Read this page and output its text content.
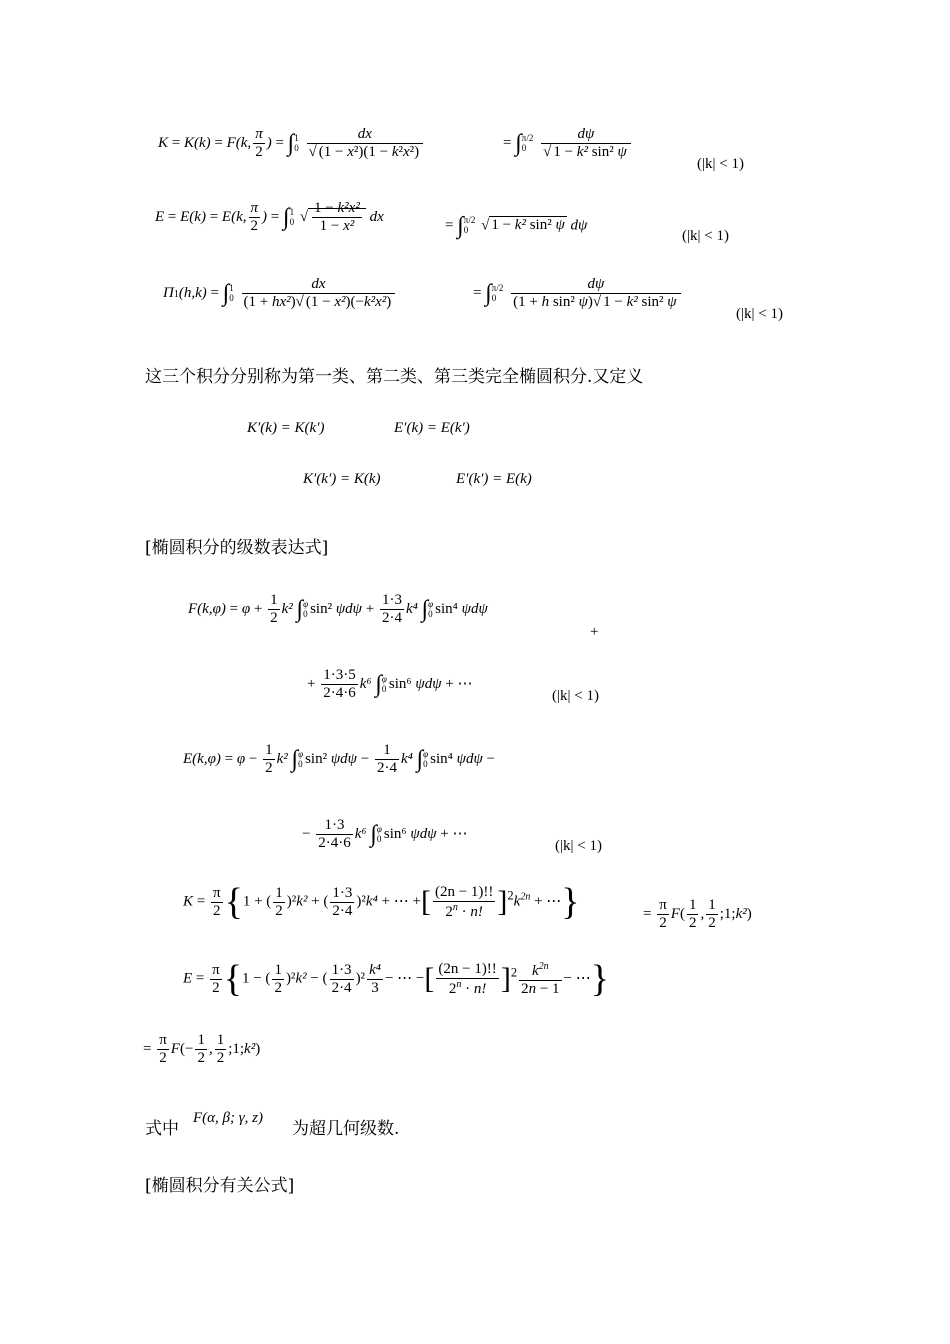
K = K(k) = F(k, $\frac{\pi}{2}$ ) = ∫1
$0 \frac{dx}{\text{√ (1 − x²)(1 − k²x²)}}$	= ∫π/2
$0 \frac{d\psi}{\text{√ 1 − k² sin² ψ}}$
(|k| < 1)
E = E(k) = E(k, $\frac{\pi}{2}$ ) = ∫1
0 √ $\frac{\text{1 − k²x²}}{\text{1 − x²}}$ dx
= ∫π/2
0 √ 1 − k² sin² ψ dψ
(|k| < 1)
Π1(h,k) = ∫1
$0 \frac{dx}{\text{(1 + hx²)√ (1 − x²)(−k²x²)}}$	= ∫π/2
$0 \frac{d\psi}{\text{(1 + h sin² ψ)√ 1 − k² sin² ψ}}$
(|k| < 1)
这三个积分分别称为第一类、第二类、第三类完全椭圆积分.又定义
K′(k) = K(k′)	E′(k) = E(k′)
K′(k′) = K(k)	E′(k′) = E(k)
[椭圆积分的级数表达式]
$F(k,\varphi) = \varphi + \frac{1}{2} k^2$ ∫φ
0 sin² $\psi d\psi + \frac{1\cdot 3}{2\cdot 4} k^4$ ∫φ
0 sin⁴ ψdψ
+
+ $\frac{1\cdot 3\cdot 5}{2\cdot 4\cdot 6} k^6$ ∫φ
0 sin⁶ ψdψ + ⋯
(|k| < 1)
$E(k,\varphi) = \varphi - \frac{1}{2} k^2$ ∫φ
0 sin² $\psi d\psi - \frac{1}{2\cdot 4} k^4$ ∫φ
0 sin⁴ ψdψ −
− $\frac{1\cdot 3}{2\cdot 4\cdot 6} k^6$ ∫φ
0 sin⁶ ψdψ + ⋯
(|k| < 1)
$K = \frac{\pi}{2} \{1$ + ( $\frac{1}{2} )^2k^2$ + ( $\frac{1\cdot 3}{2\cdot 4} )^2k^4$ + ⋯ +[ $\frac{(2n - 1)!!}{2^n \cdot n!} ]^2k^{2n}$ + ⋯}	= $\frac{\pi}{2} F( \frac{1}{2}$ , $\frac{1}{2}$ ;1;k²)
$E = \frac{\pi}{2} \{1$ − ( $\frac{1}{2} )^2k^2$ − ( $\frac{1\cdot 3}{2\cdot 4} )^2 \frac{\text{k⁴}}{3}$ − ⋯ −[ $\frac{(2n - 1)!!}{2^n \cdot n!} ]^2 \frac{k^{2n}}{2n - 1}$ − ⋯}
= $\frac{\pi}{2} F(- \frac{1}{2}$ , $\frac{1}{2}$ ;1;k²)
式中
F(α, β; γ, z)
为超几何级数.
[椭圆积分有关公式]
